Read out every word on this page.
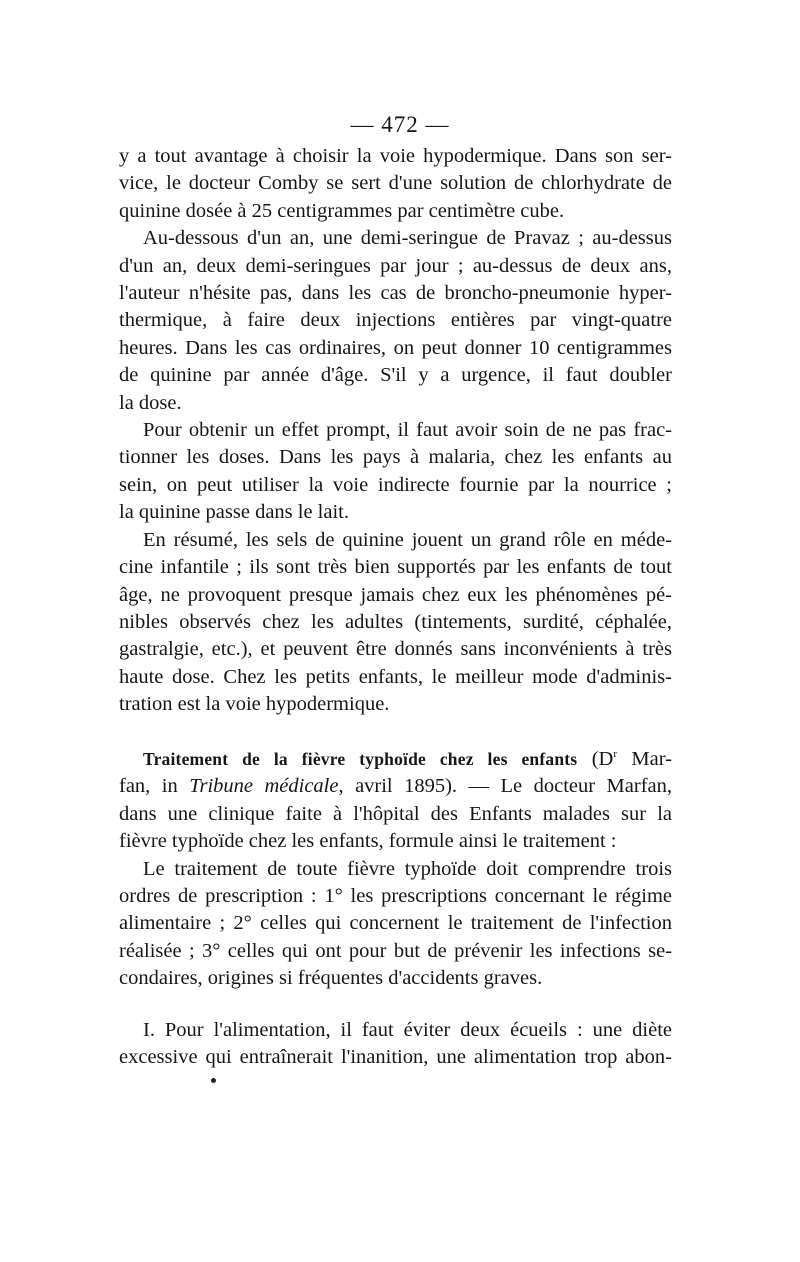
— 472 —
y a tout avantage à choisir la voie hypodermique. Dans son ser-
vice, le docteur Comby se sert d'une solution de chlorhydrate de
quinine dosée à 25 centigrammes par centimètre cube.
Au-dessous d'un an, une demi-seringue de Pravaz ; au-dessus
d'un an, deux demi-seringues par jour ; au-dessus de deux ans,
l'auteur n'hésite pas, dans les cas de broncho-pneumonie hyper-
thermique, à faire deux injections entières par vingt-quatre
heures. Dans les cas ordinaires, on peut donner 10 centigrammes
de quinine par année d'âge. S'il y a urgence, il faut doubler
la dose.
Pour obtenir un effet prompt, il faut avoir soin de ne pas frac-
tionner les doses. Dans les pays à malaria, chez les enfants au
sein, on peut utiliser la voie indirecte fournie par la nourrice ;
la quinine passe dans le lait.
En résumé, les sels de quinine jouent un grand rôle en méde-
cine infantile ; ils sont très bien supportés par les enfants de tout
âge, ne provoquent presque jamais chez eux les phénomènes pé-
nibles observés chez les adultes (tintements, surdité, céphalée,
gastralgie, etc.), et peuvent être donnés sans inconvénients à très
haute dose. Chez les petits enfants, le meilleur mode d'adminis-
tration est la voie hypodermique.
Traitement de la fièvre typhoïde chez les enfants ($D^r$ Mar-
fan, in Tribune médicale, avril 1895). — Le docteur Marfan,
dans une clinique faite à l'hôpital des Enfants malades sur la
fièvre typhoïde chez les enfants, formule ainsi le traitement :
Le traitement de toute fièvre typhoïde doit comprendre trois
ordres de prescription : 1° les prescriptions concernant le régime
alimentaire ; 2° celles qui concernent le traitement de l'infection
réalisée ; 3° celles qui ont pour but de prévenir les infections se-
condaires, origines si fréquentes d'accidents graves.
I. Pour l'alimentation, il faut éviter deux écueils : une diète
excessive qui entraînerait l'inanition, une alimentation trop abon-
